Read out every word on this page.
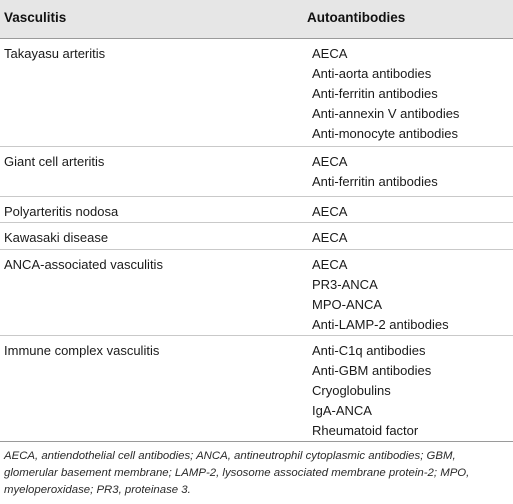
Vasculitis	Autoantibodies
Takayasu arteritis	AECA
Anti-aorta antibodies
Anti-ferritin antibodies
Anti-annexin V antibodies
Anti-monocyte antibodies
Giant cell arteritis	AECA
Anti-ferritin antibodies
Polyarteritis nodosa	AECA
Kawasaki disease	AECA
ANCA-associated vasculitis	AECA
PR3-ANCA
MPO-ANCA
Anti-LAMP-2 antibodies
Immune complex vasculitis	Anti-C1q antibodies
Anti-GBM antibodies
Cryoglobulins
IgA-ANCA
Rheumatoid factor
AECA, antiendothelial cell antibodies; ANCA, antineutrophil cytoplasmic antibodies; GBM, glomerular basement membrane; LAMP-2, lysosome associated membrane protein-2; MPO, myeloperoxidase; PR3, proteinase 3.
